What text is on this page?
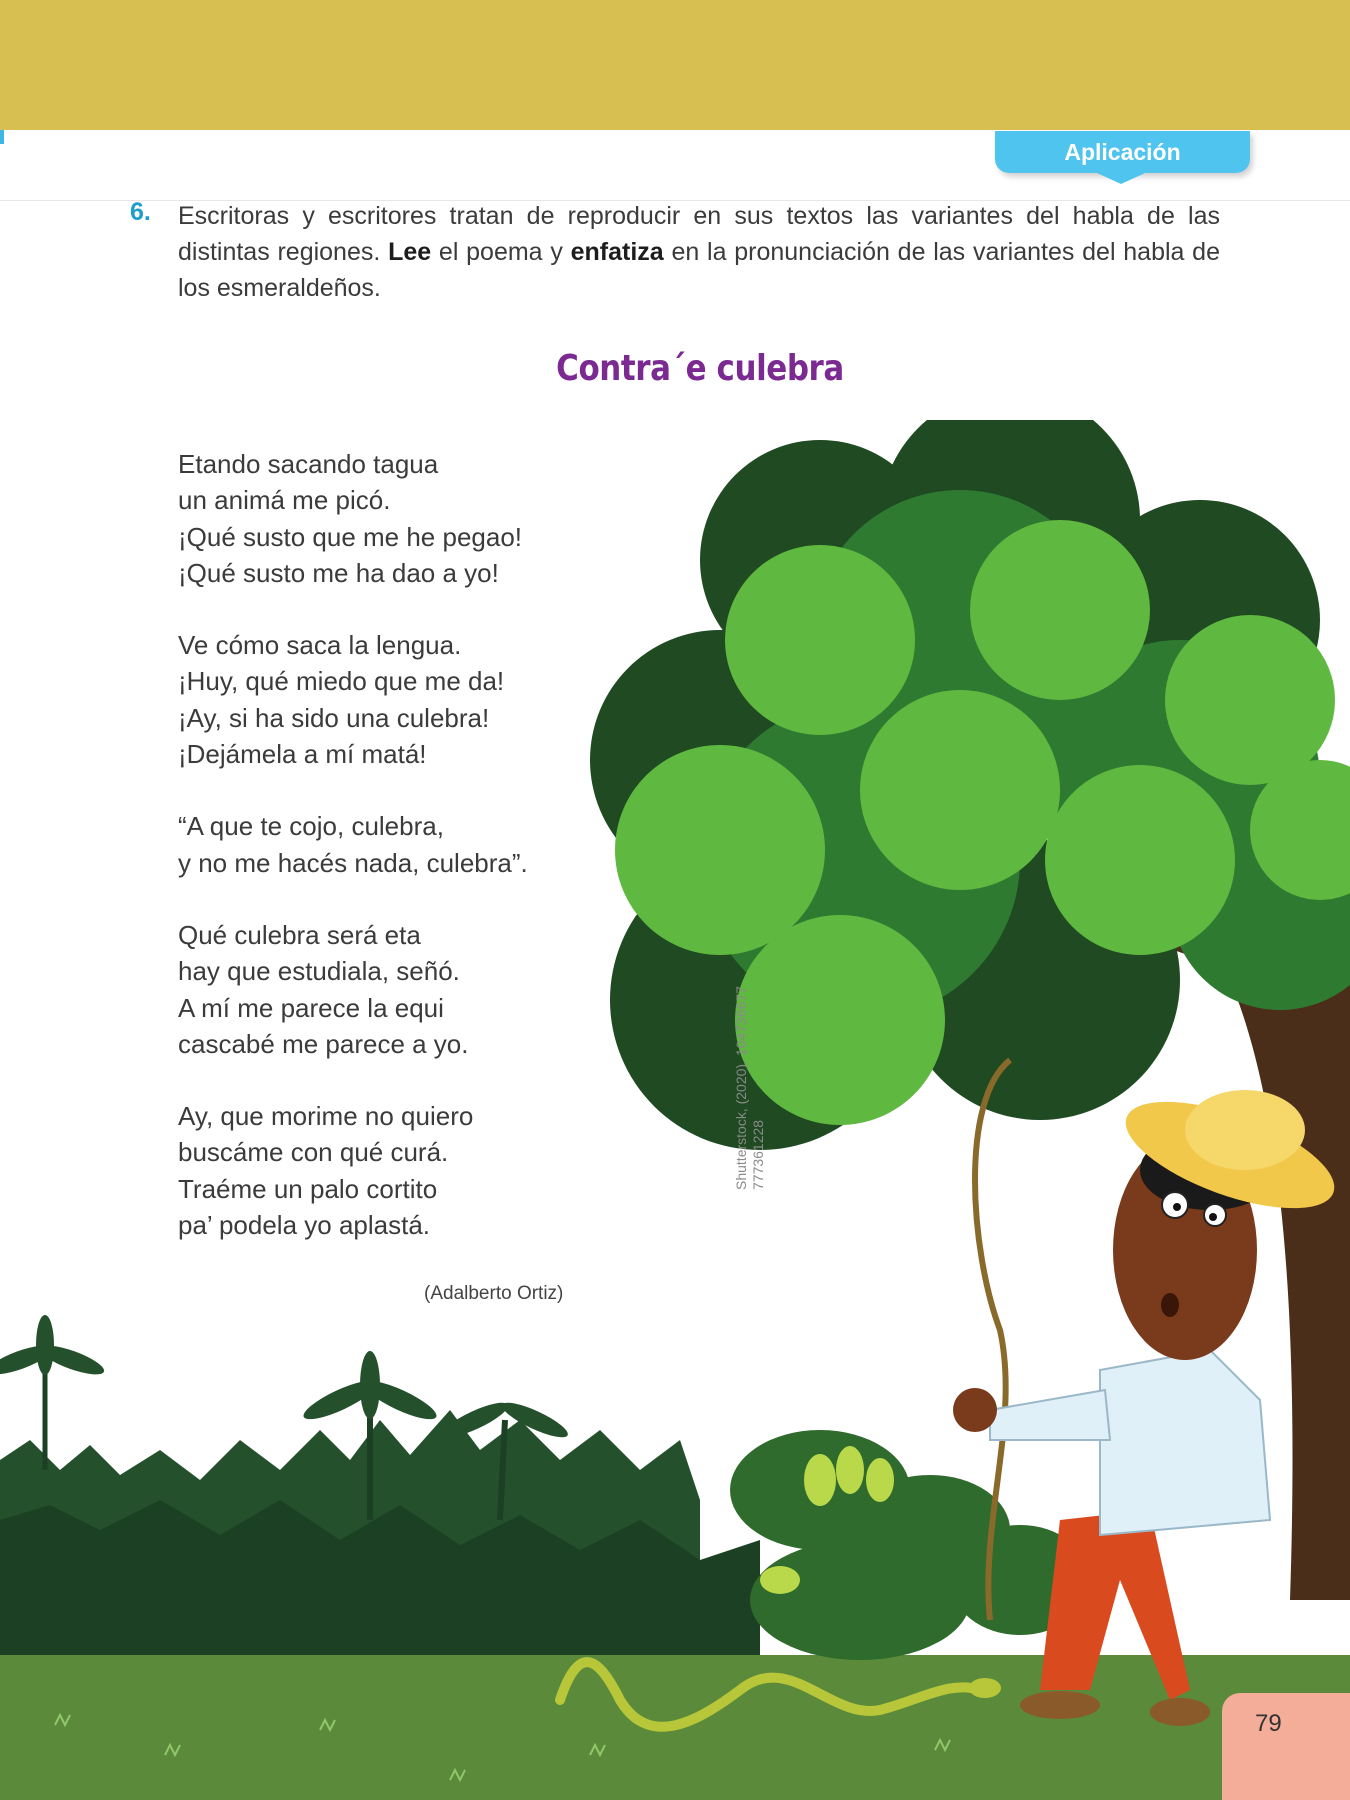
Aplicación
6. Escritoras y escritores tratan de reproducir en sus textos las variantes del habla de las distintas regiones. Lee el poema y enfatiza en la pronunciación de las variantes del habla de los esmeraldeños.
Contra´e culebra
Etando sacando tagua
un animá me picó.
¡Qué susto que me he pegao!
¡Qué susto me ha dao a yo!
Ve cómo saca la lengua.
¡Huy, qué miedo que me da!
¡Ay, si ha sido una culebra!
¡Dejámela a mí matá!
“A que te cojo, culebra,
y no me hacés nada, culebra”.
Qué culebra será eta
hay que estudiala, señó.
A mí me parece la equi
cascabé me parece a yo.
Ay, que morime no quiero
buscáme con qué curá.
Traéme un palo cortito
pa’ podela yo aplastá.
(Adalberto Ortiz)
Shutterstock, (2020). 104736677 777361228
79
